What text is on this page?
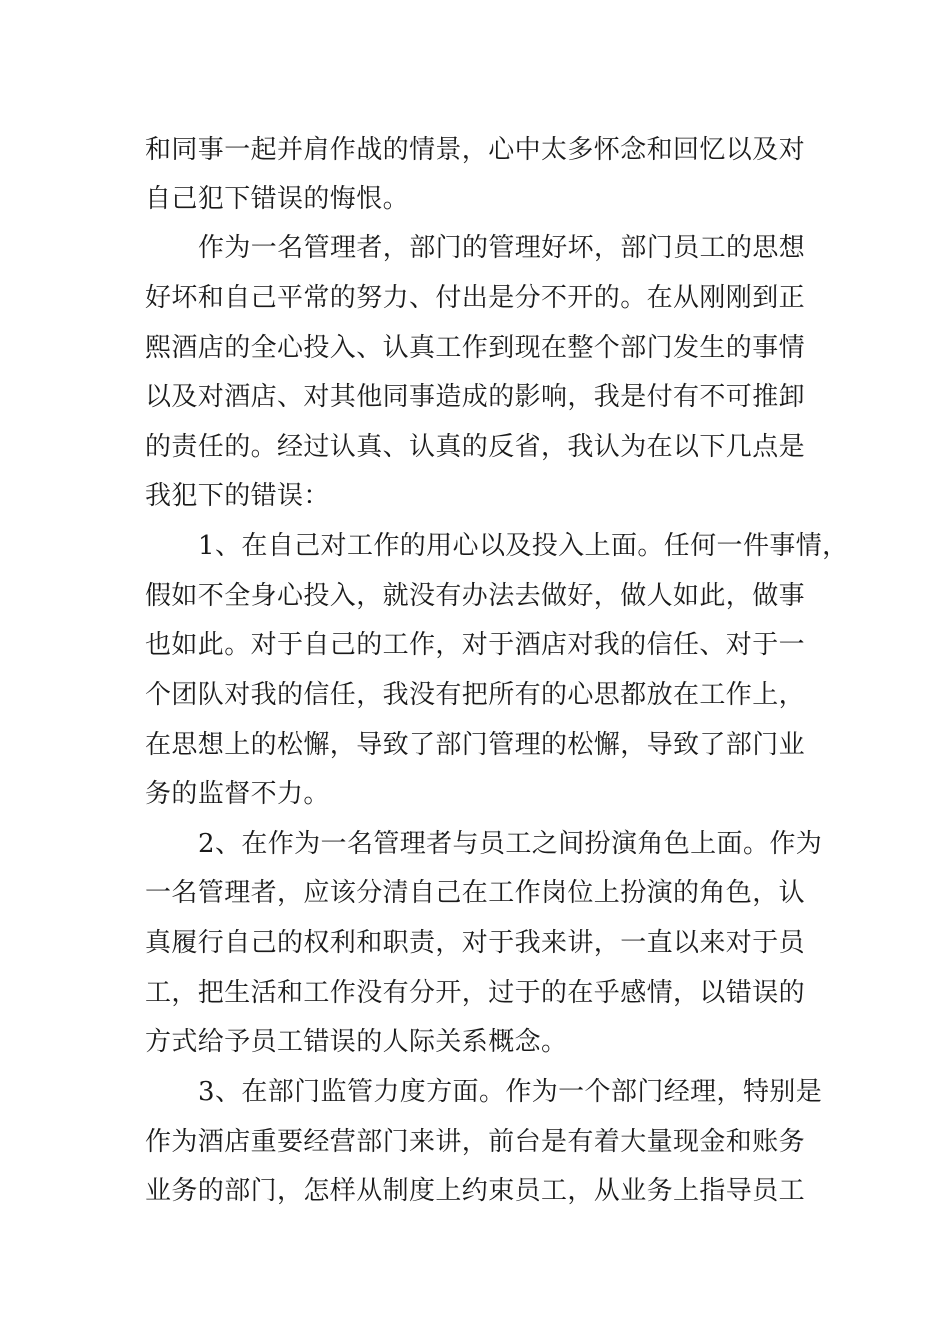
和同事一起并肩作战的情景，心中太多怀念和回忆以及对
自己犯下错误的悔恨。
作为一名管理者，部门的管理好坏，部门员工的思想
好坏和自己平常的努力、付出是分不开的。在从刚刚到正
熙酒店的全心投入、认真工作到现在整个部门发生的事情
以及对酒店、对其他同事造成的影响，我是付有不可推卸
的责任的。经过认真、认真的反省，我认为在以下几点是
我犯下的错误：
1、在自己对工作的用心以及投入上面。任何一件事情，
假如不全身心投入，就没有办法去做好，做人如此，做事
也如此。对于自己的工作，对于酒店对我的信任、对于一
个团队对我的信任，我没有把所有的心思都放在工作上，
在思想上的松懈，导致了部门管理的松懈，导致了部门业
务的监督不力。
2、在作为一名管理者与员工之间扮演角色上面。作为
一名管理者，应该分清自己在工作岗位上扮演的角色，认
真履行自己的权利和职责，对于我来讲，一直以来对于员
工，把生活和工作没有分开，过于的在乎感情，以错误的
方式给予员工错误的人际关系概念。
3、在部门监管力度方面。作为一个部门经理，特别是
作为酒店重要经营部门来讲，前台是有着大量现金和账务
业务的部门，怎样从制度上约束员工，从业务上指导员工
